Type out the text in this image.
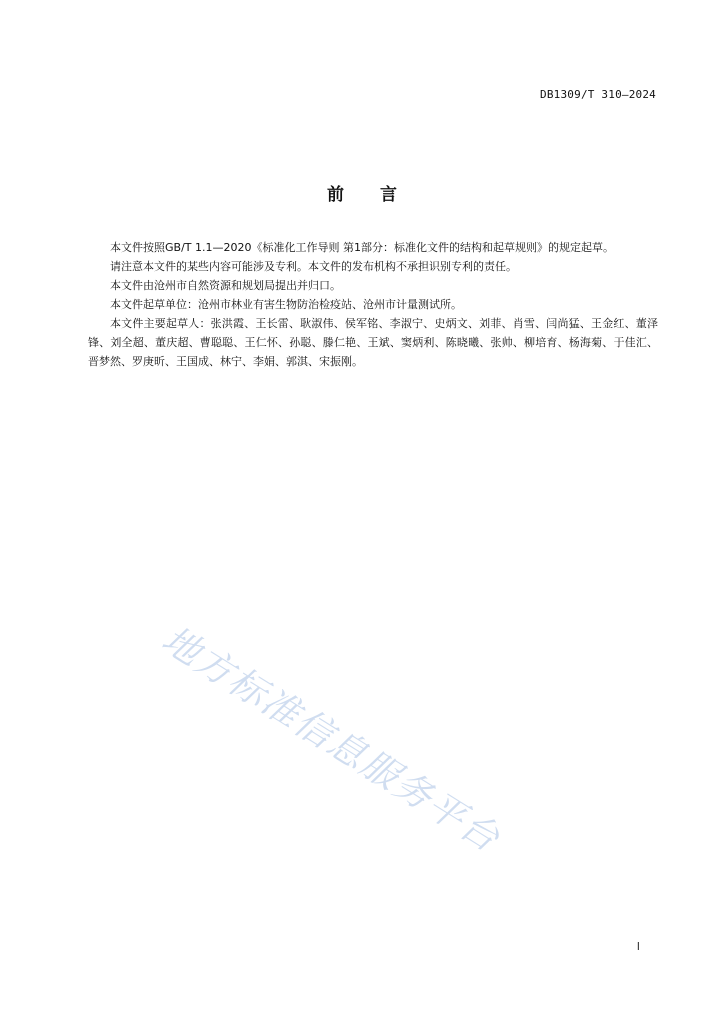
DB1309/T 310—2024
前言

本文件按照GB/T 1.1—2020《标准化工作导则 第1部分：标准化文件的结构和起草规则》的规定起草。

请注意本文件的某些内容可能涉及专利。本文件的发布机构不承担识别专利的责任。

本文件由沧州市自然资源和规划局提出并归口。

本文件起草单位：沧州市林业有害生物防治检疫站、沧州市计量测试所。

本文件主要起草人：张洪霞、王长雷、耿淑伟、侯军铭、李淑宁、史炳文、刘菲、肖雪、闫尚猛、王金红、董泽锋、刘全超、董庆超、曹聪聪、王仁怀、孙聪、滕仁艳、王斌、窦炳利、陈晓曦、张帅、柳培育、杨海菊、于佳汇、晋梦然、罗庚昕、王国成、林宁、李娟、郭淇、宋振刚。

地方标准信息服务平台
I
